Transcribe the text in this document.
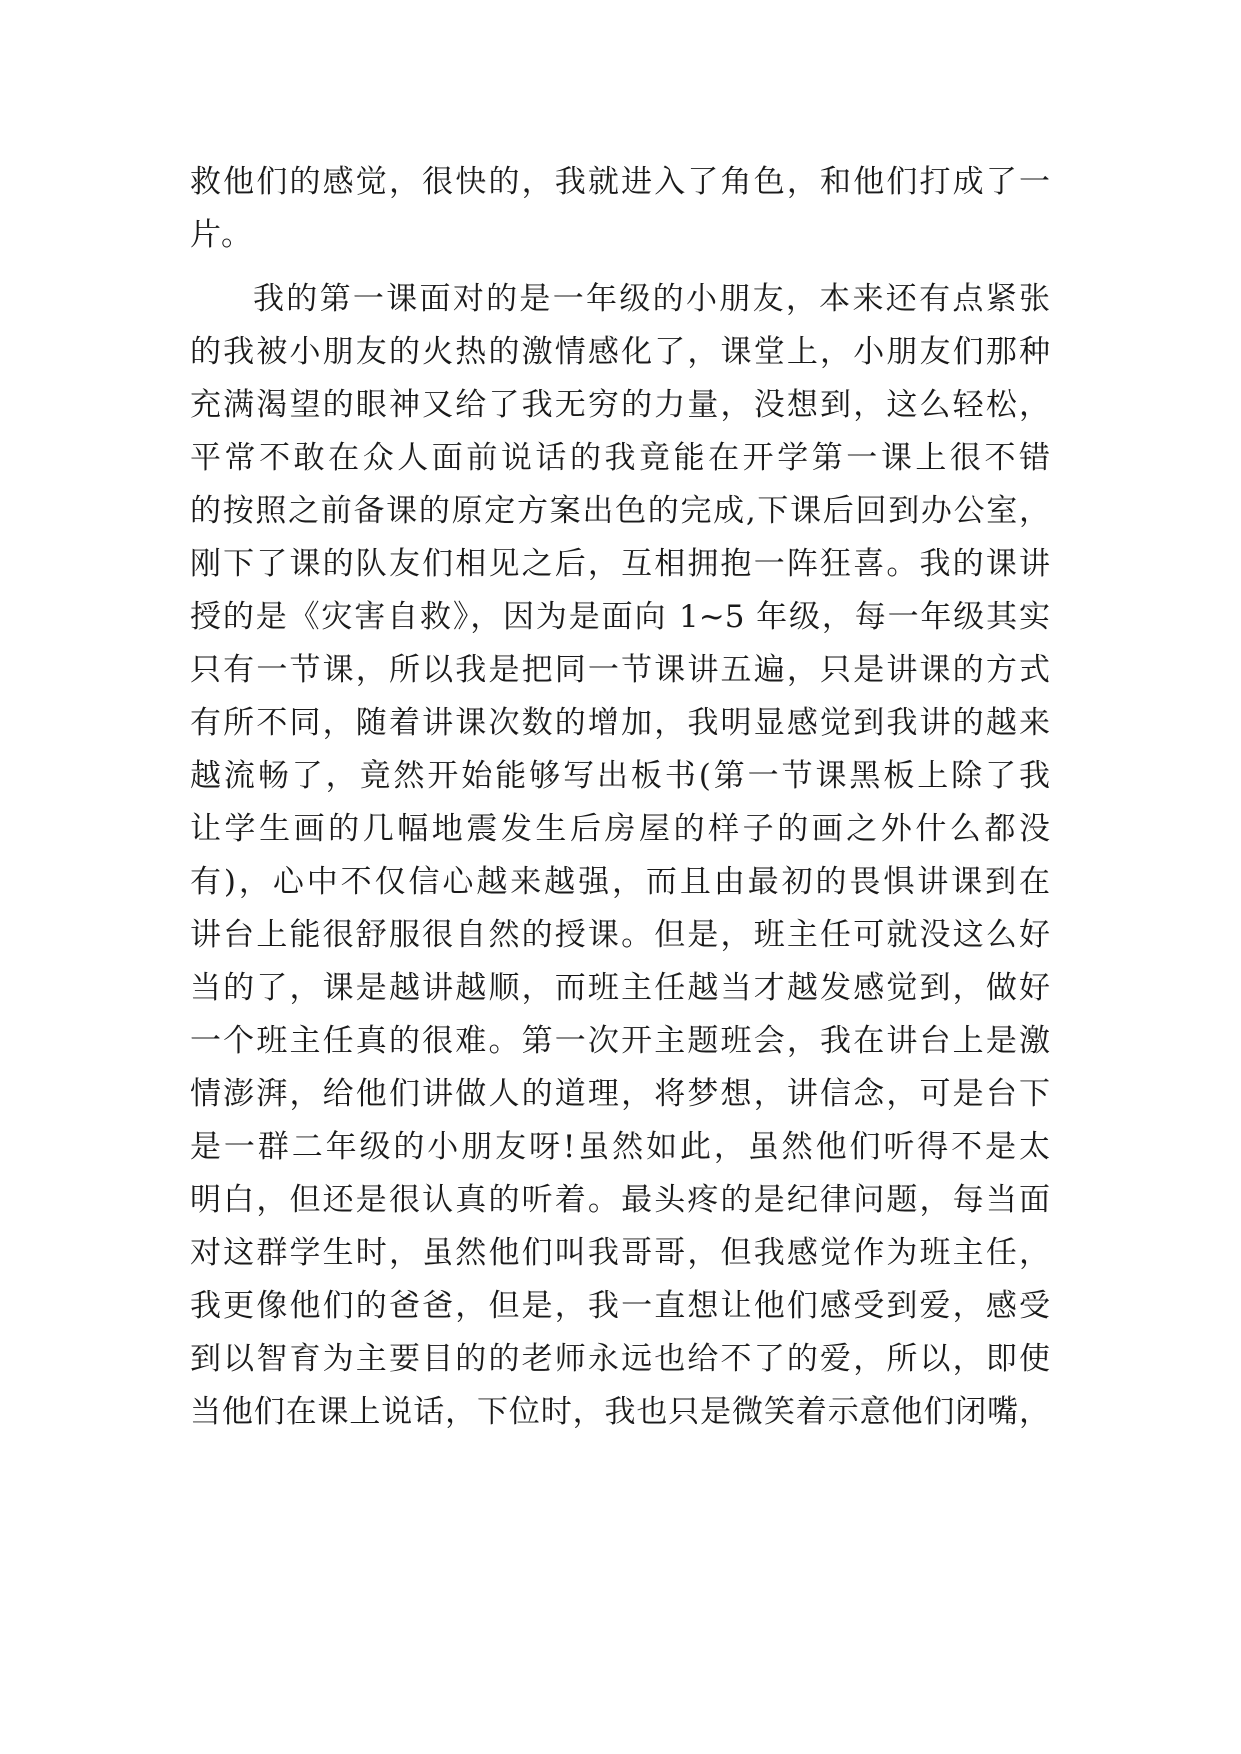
救他们的感觉，很快的，我就进入了角色，和他们打成了一
片。
我的第一课面对的是一年级的小朋友，本来还有点紧张
的我被小朋友的火热的激情感化了，课堂上，小朋友们那种
充满渴望的眼神又给了我无穷的力量，没想到，这么轻松，
平常不敢在众人面前说话的我竟能在开学第一课上很不错
的按照之前备课的原定方案出色的完成,下课后回到办公室，
刚下了课的队友们相见之后，互相拥抱一阵狂喜。我的课讲
授的是《灾害自救》，因为是面向 1~5 年级，每一年级其实
只有一节课，所以我是把同一节课讲五遍，只是讲课的方式
有所不同，随着讲课次数的增加，我明显感觉到我讲的越来
越流畅了，竟然开始能够写出板书(第一节课黑板上除了我
让学生画的几幅地震发生后房屋的样子的画之外什么都没
有)，心中不仅信心越来越强，而且由最初的畏惧讲课到在
讲台上能很舒服很自然的授课。但是，班主任可就没这么好
当的了，课是越讲越顺，而班主任越当才越发感觉到，做好
一个班主任真的很难。第一次开主题班会，我在讲台上是激
情澎湃，给他们讲做人的道理，将梦想，讲信念，可是台下
是一群二年级的小朋友呀!虽然如此，虽然他们听得不是太
明白，但还是很认真的听着。最头疼的是纪律问题，每当面
对这群学生时，虽然他们叫我哥哥，但我感觉作为班主任，
我更像他们的爸爸，但是，我一直想让他们感受到爱，感受
到以智育为主要目的的老师永远也给不了的爱，所以，即使
当他们在课上说话，下位时，我也只是微笑着示意他们闭嘴，
